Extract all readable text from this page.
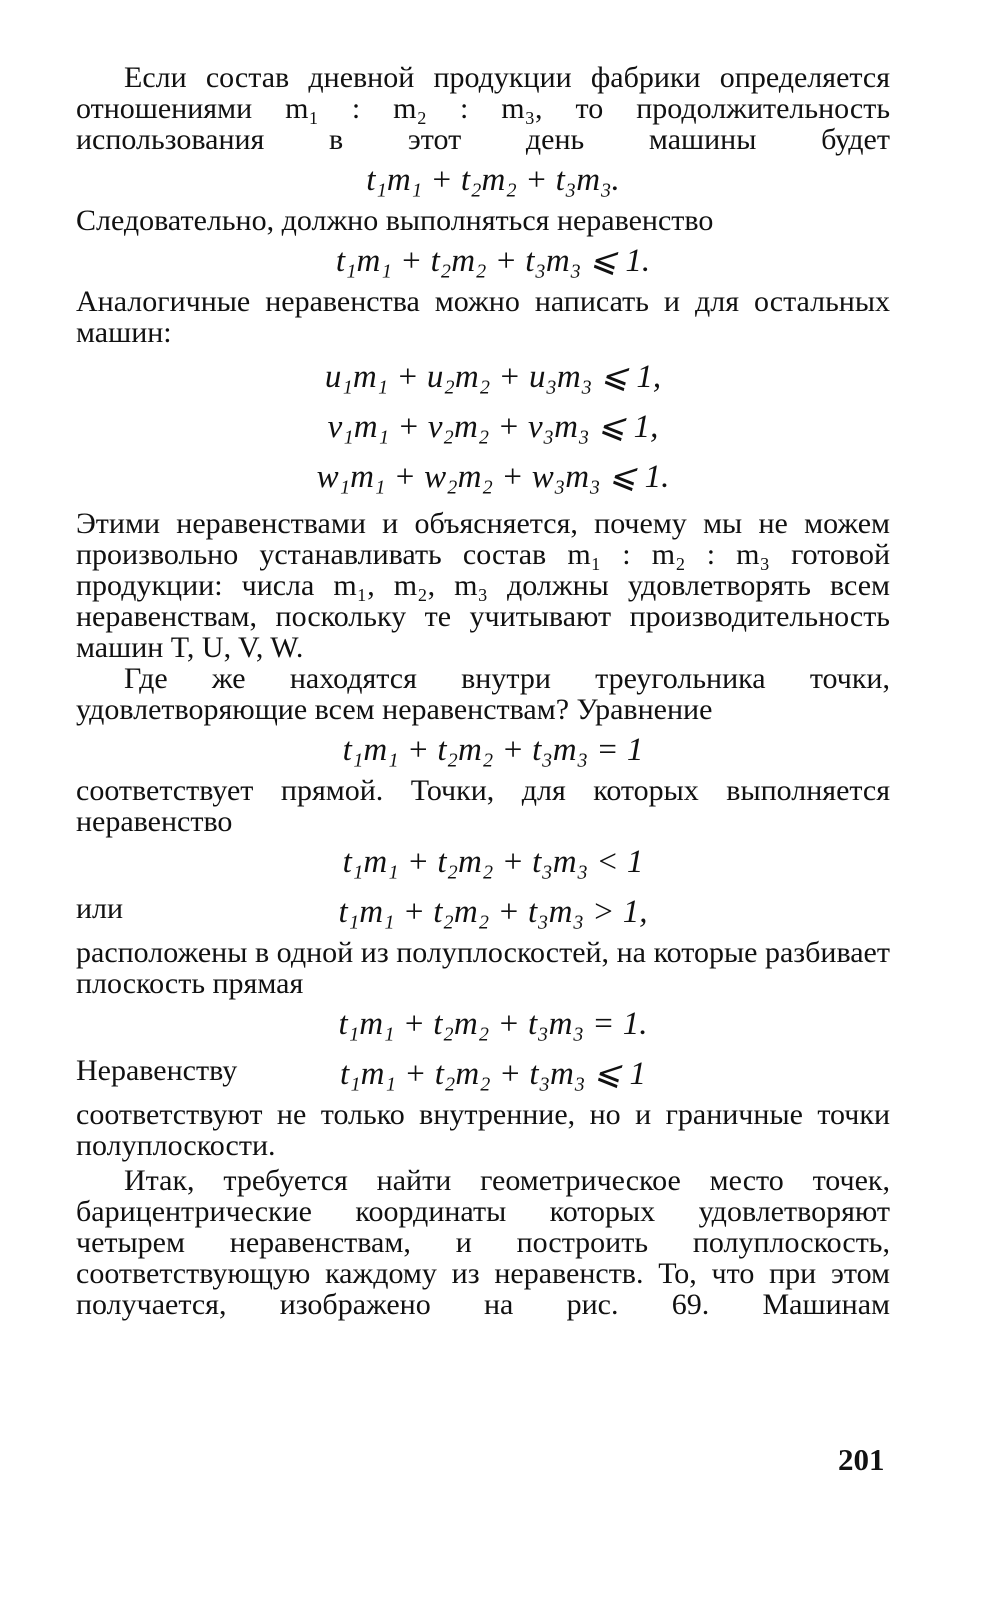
Если состав дневной продукции фабрики определяется отношениями m₁ : m₂ : m₃, то продолжительность использования в этот день машины будет

t₁m₁ + t₂m₂ + t₃m₃.

Следовательно, должно выполняться неравенство

t₁m₁ + t₂m₂ + t₃m₃ ⩽ 1.

Аналогичные неравенства можно написать и для остальных машин:

u₁m₁ + u₂m₂ + u₃m₃ ⩽ 1,
v₁m₁ + v₂m₂ + v₃m₃ ⩽ 1,
w₁m₁ + w₂m₂ + w₃m₃ ⩽ 1.

Этими неравенствами и объясняется, почему мы не можем произвольно устанавливать состав m₁ : m₂ : m₃ готовой продукции: числа m₁, m₂, m₃ должны удовлетворять всем неравенствам, поскольку те учитывают производительность машин T, U, V, W.

Где же находятся внутри треугольника точки, удовлетворяющие всем неравенствам? Уравнение

t₁m₁ + t₂m₂ + t₃m₃ = 1

соответствует прямой. Точки, для которых выполняется неравенство

t₁m₁ + t₂m₂ + t₃m₃ < 1
или	t₁m₁ + t₂m₂ + t₃m₃ > 1,

расположены в одной из полуплоскостей, на которые разбивает плоскость прямая

t₁m₁ + t₂m₂ + t₃m₃ = 1.
Неравенству	t₁m₁ + t₂m₂ + t₃m₃ ⩽ 1

соответствуют не только внутренние, но и граничные точки полуплоскости.

Итак, требуется найти геометрическое место точек, барицентрические координаты которых удовлетворяют четырем неравенствам, и построить полуплоскость, соответствующую каждому из неравенств. То, что при этом получается, изображено на рис. 69. Машинам

201
